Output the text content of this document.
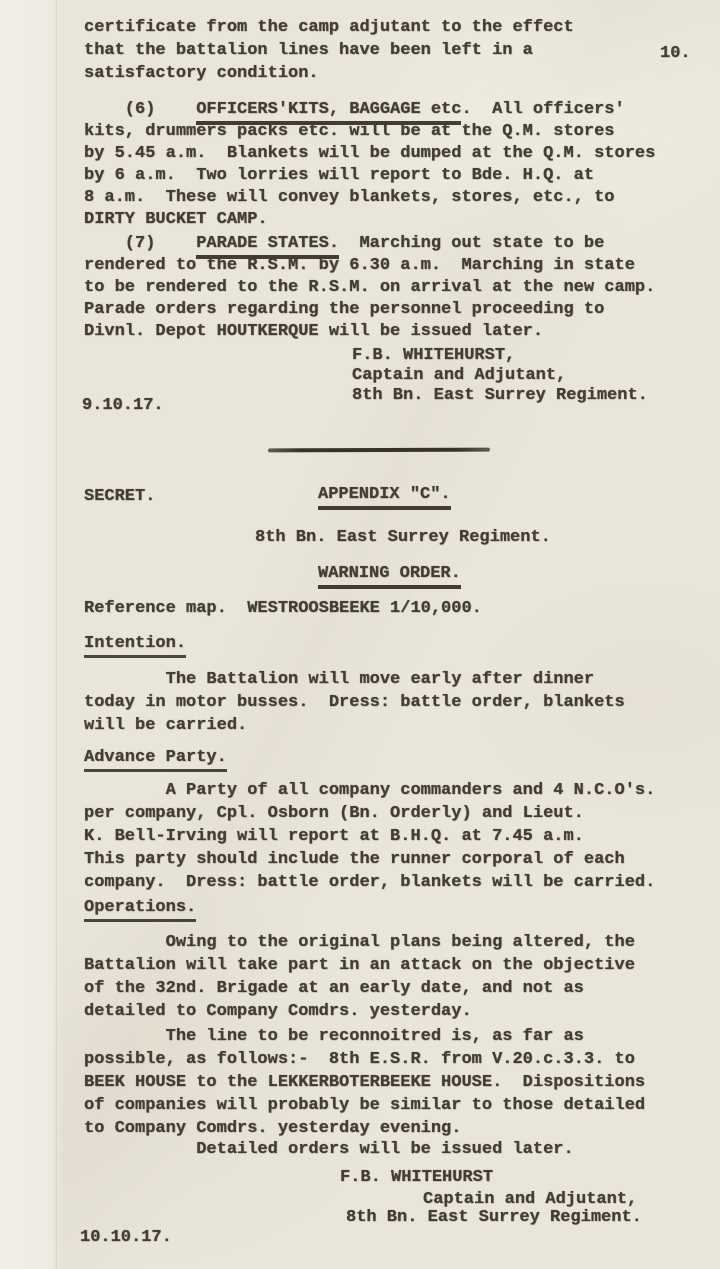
certificate from the camp adjutant to the effect
that the battalion lines have been left in a
satisfactory condition.
10.
(6)    OFFICERS'KITS, BAGGAGE etc.  All officers'
kits, drummers packs etc. will be at the Q.M. stores
by 5.45 a.m.  Blankets will be dumped at the Q.M. stores
by 6 a.m.  Two lorries will report to Bde. H.Q. at
8 a.m.  These will convey blankets, stores, etc., to
DIRTY BUCKET CAMP.
(7)    PARADE STATES.  Marching out state to be
rendered to the R.S.M. by 6.30 a.m.  Marching in state
to be rendered to the R.S.M. on arrival at the new camp.
Parade orders regarding the personnel proceeding to
Divnl. Depot HOUTKERQUE will be issued later.
F.B. WHITEHURST,
Captain and Adjutant,
8th Bn. East Surrey Regiment.
9.10.17.
SECRET.	APPENDIX "C".
8th Bn. East Surrey Regiment.
WARNING ORDER.
Reference map.  WESTROOSBEEKE 1/10,000.
Intention.
The Battalion will move early after dinner
today in motor busses.  Dress: battle order, blankets
will be carried.
Advance Party.
A Party of all company commanders and 4 N.C.O's.
per company, Cpl. Osborn (Bn. Orderly) and Lieut.
K. Bell-Irving will report at B.H.Q. at 7.45 a.m.
This party should include the runner corporal of each
company.  Dress: battle order, blankets will be carried.
Operations.
Owing to the original plans being altered, the
Battalion will take part in an attack on the objective
of the 32nd. Brigade at an early date, and not as
detailed to Company Comdrs. yesterday.
The line to be reconnoitred is, as far as
possible, as follows:-  8th E.S.R. from V.20.c.3.3. to
BEEK HOUSE to the LEKKERBOTERBEEKE HOUSE.  Dispositions
of companies will probably be similar to those detailed
to Company Comdrs. yesterday evening.
Detailed orders will be issued later.
F.B. WHITEHURST
Captain and Adjutant,
8th Bn. East Surrey Regiment.
10.10.17.
